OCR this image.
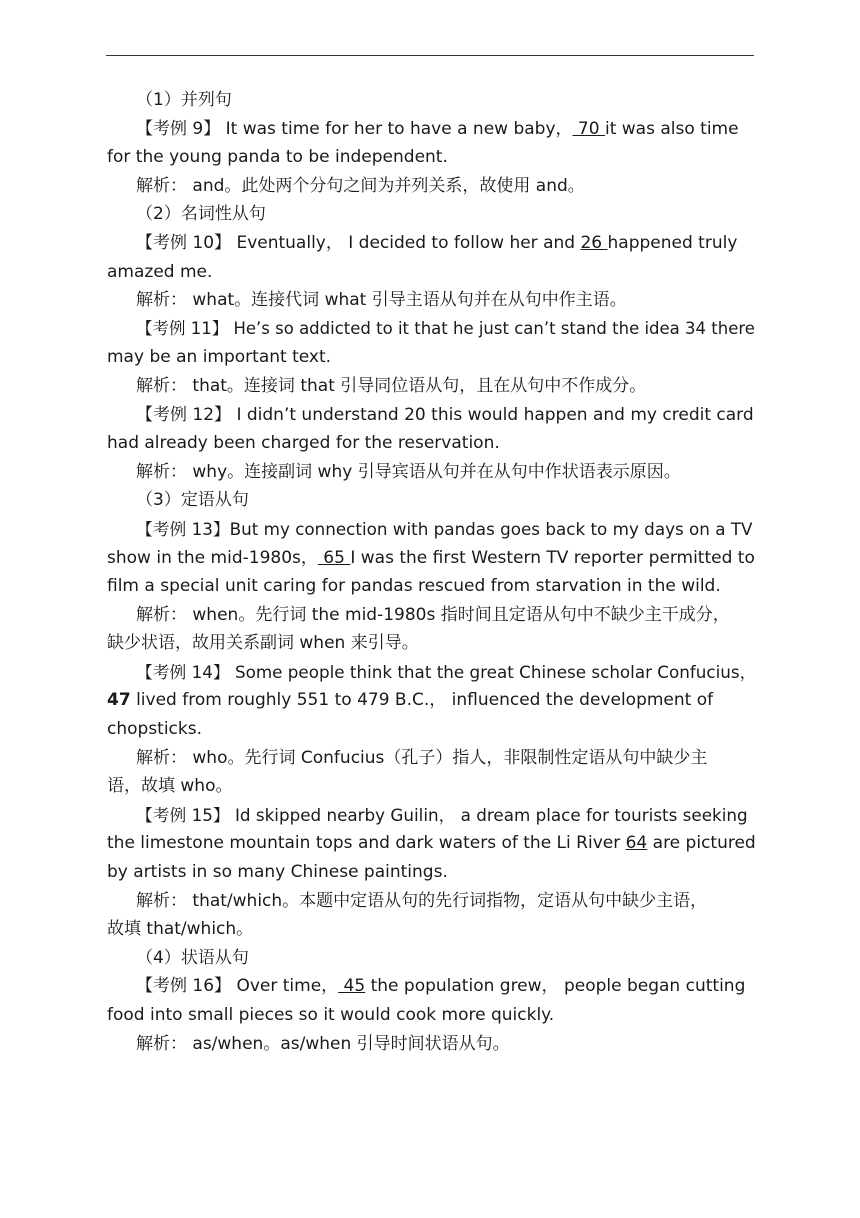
（1）并列句
【考例 9】 It was time for her to have a new baby， 70 it was also time
for the young panda to be independent.
解析： and。此处两个分句之间为并列关系，故使用 and。
（2）名词性从句
【考例 10】 Eventually， I decided to follow her and 26 happened truly
amazed me.
解析： what。连接代词 what 引导主语从句并在从句中作主语。
【考例 11】 He’s so addicted to it that he just can’t stand the idea 34 there
may be an important text.
解析： that。连接词 that 引导同位语从句，且在从句中不作成分。
【考例 12】 I didn’t understand 20 this would happen and my credit card
had already been charged for the reservation.
解析： why。连接副词 why 引导宾语从句并在从句中作状语表示原因。
（3）定语从句
【考例 13】But my connection with pandas goes back to my days on a TV
show in the mid-1980s， 65 I was the first Western TV reporter permitted to
film a special unit caring for pandas rescued from starvation in the wild.
解析： when。先行词 the mid-1980s 指时间且定语从句中不缺少主干成分，
缺少状语，故用关系副词 when 来引导。
【考例 14】 Some people think that the great Chinese scholar Confucius，
47 lived from roughly 551 to 479 B.C.， influenced the development of
chopsticks.
解析： who。先行词 Confucius（孔子）指人，非限制性定语从句中缺少主
语，故填 who。
【考例 15】 Id skipped nearby Guilin， a dream place for tourists seeking
the limestone mountain tops and dark waters of the Li River 64 are pictured
by artists in so many Chinese paintings.
解析： that/which。本题中定语从句的先行词指物，定语从句中缺少主语，
故填 that/which。
（4）状语从句
【考例 16】 Over time， 45 the population grew， people began cutting
food into small pieces so it would cook more quickly.
解析： as/when。as/when 引导时间状语从句。
